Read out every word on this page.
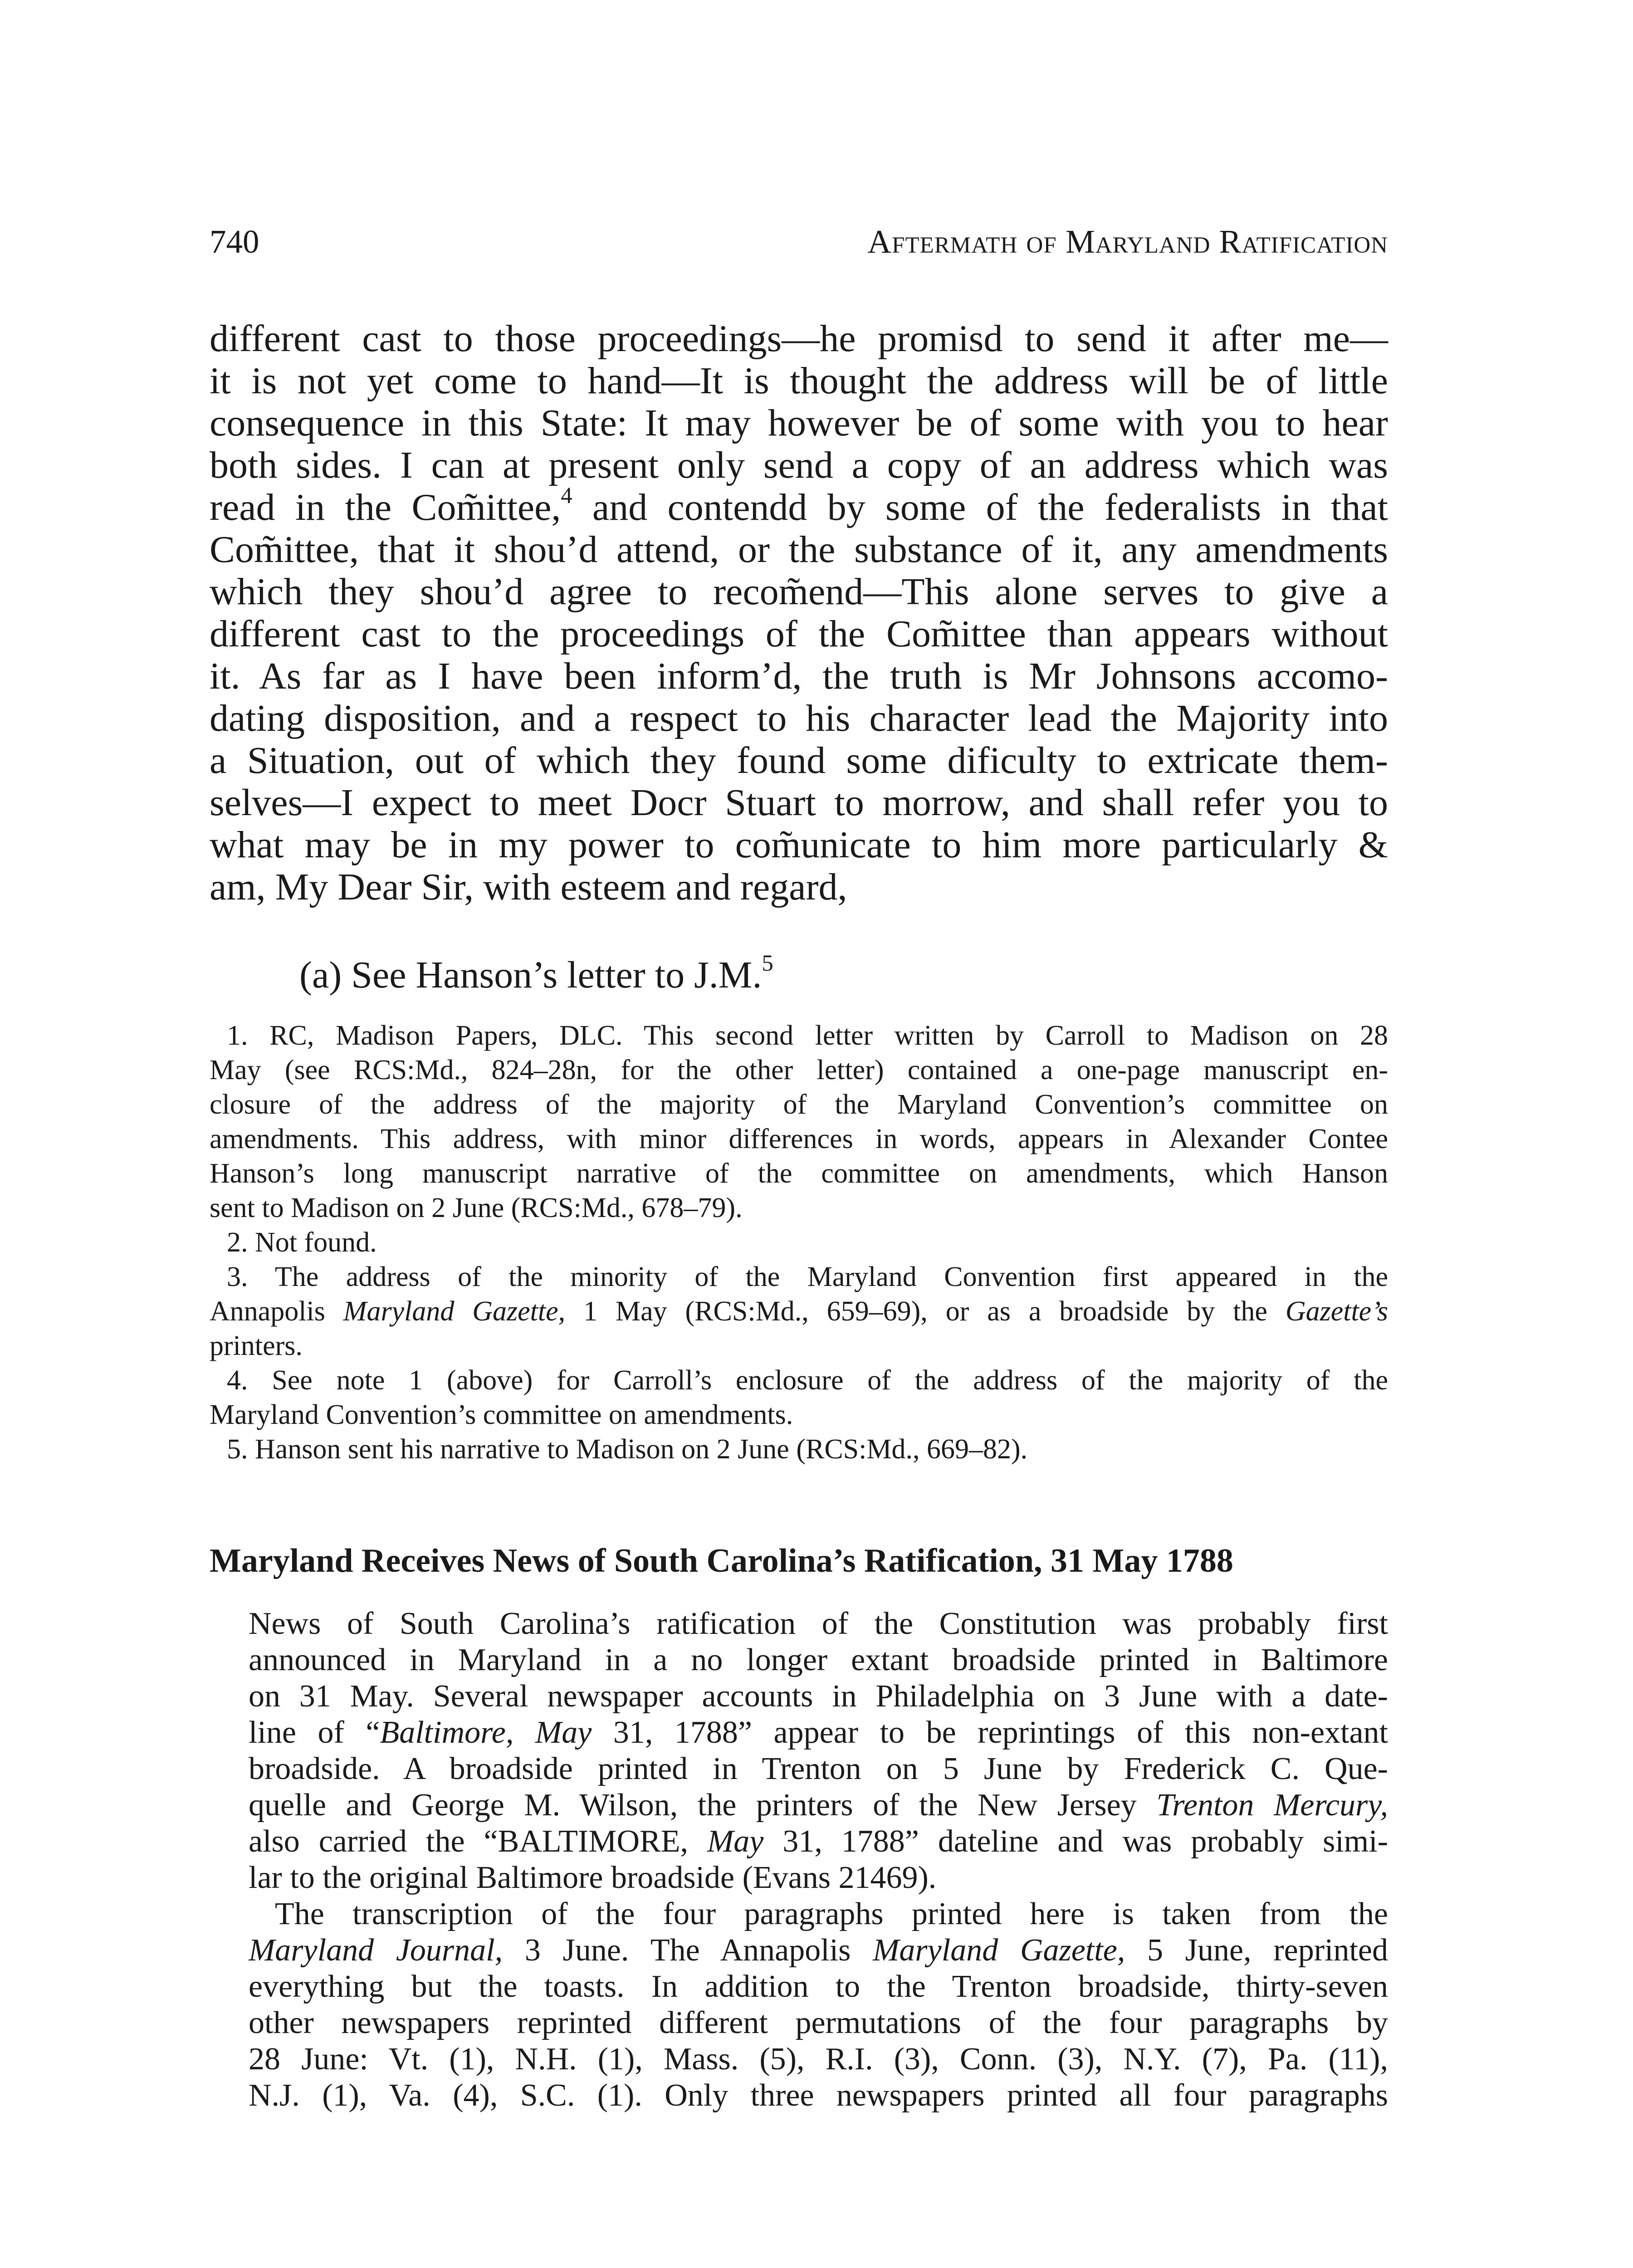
740	Aftermath of Maryland Ratification
different cast to those proceedings—he promisd to send it after me—
it is not yet come to hand—It is thought the address will be of little
consequence in this State: It may however be of some with you to hear
both sides. I can at present only send a copy of an address which was
read in the Com̃ittee,$^4$ and contendd by some of the federalists in that
Com̃ittee, that it shou’d attend, or the substance of it, any amendments
which they shou’d agree to recom̃end—This alone serves to give a
different cast to the proceedings of the Com̃ittee than appears without
it. As far as I have been inform’d, the truth is Mr Johnsons accomo-
dating disposition, and a respect to his character lead the Majority into
a Situation, out of which they found some dificulty to extricate them-
selves—I expect to meet Docr Stuart to morrow, and shall refer you to
what may be in my power to com̃unicate to him more particularly &
am, My Dear Sir, with esteem and regard,
(a) See Hanson’s letter to J.M.$^5$
1. RC, Madison Papers, DLC. This second letter written by Carroll to Madison on 28
May (see RCS:Md., 824–28n, for the other letter) contained a one-page manuscript en-
closure of the address of the majority of the Maryland Convention’s committee on
amendments. This address, with minor differences in words, appears in Alexander Contee
Hanson’s long manuscript narrative of the committee on amendments, which Hanson
sent to Madison on 2 June (RCS:Md., 678–79).
2. Not found.
3. The address of the minority of the Maryland Convention first appeared in the
Annapolis Maryland Gazette, 1 May (RCS:Md., 659–69), or as a broadside by the Gazette’s
printers.
4. See note 1 (above) for Carroll’s enclosure of the address of the majority of the
Maryland Convention’s committee on amendments.
5. Hanson sent his narrative to Madison on 2 June (RCS:Md., 669–82).
Maryland Receives News of South Carolina’s Ratification, 31 May 1788
News of South Carolina’s ratification of the Constitution was probably first
announced in Maryland in a no longer extant broadside printed in Baltimore
on 31 May. Several newspaper accounts in Philadelphia on 3 June with a date-
line of “Baltimore, May 31, 1788” appear to be reprintings of this non-extant
broadside. A broadside printed in Trenton on 5 June by Frederick C. Que-
quelle and George M. Wilson, the printers of the New Jersey Trenton Mercury,
also carried the “BALTIMORE, May 31, 1788” dateline and was probably simi-
lar to the original Baltimore broadside (Evans 21469).
The transcription of the four paragraphs printed here is taken from the
Maryland Journal, 3 June. The Annapolis Maryland Gazette, 5 June, reprinted
everything but the toasts. In addition to the Trenton broadside, thirty-seven
other newspapers reprinted different permutations of the four paragraphs by
28 June: Vt. (1), N.H. (1), Mass. (5), R.I. (3), Conn. (3), N.Y. (7), Pa. (11),
N.J. (1), Va. (4), S.C. (1). Only three newspapers printed all four paragraphs
